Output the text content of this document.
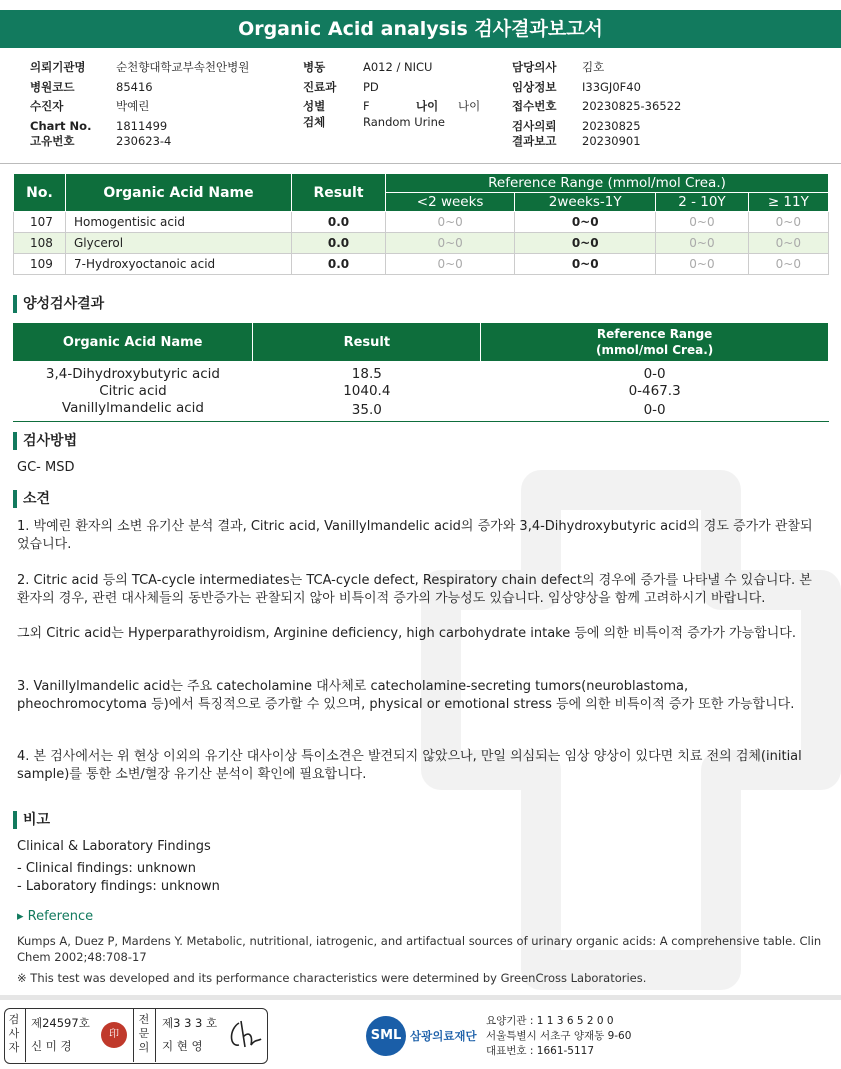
Organic Acid analysis 검사결과보고서
의뢰기관명	순천향대학교부속천안병원
병원코드	85416
수진자	박예린
Chart No. 1811499
고유번호	230623-4
병동	A012 / NICU
진료과 PD
성별	F
검체	Random Urine
나이 나이
담당의사 김호
임상정보 I33GJ0F40
접수번호 20230825-36522
검사의뢰 20230825
결과보고 20230901
No.	Organic Acid Name	Result	Reference Range (mmol/mol Crea.)			
			<2 weeks	2weeks-1Y	2 - 10Y	≥ 11Y
107	Homogentisic acid	0.0	0~0	0~0	0~0	0~0
108	Glycerol	0.0	0~0	0~0	0~0	0~0
109	7-Hydroxyoctanoic acid	0.0	0~0	0~0	0~0	0~0
양성검사결과
Organic Acid Name	Result	Reference Range
(mmol/mol Crea.)
3,4-Dihydroxybutyric acid	18.5	0-0
Citric acid	1040.4	0-467.3
Vanillylmandelic acid	35.0	0-0
검사방법
GC- MSD
소견
1. 박예린 환자의 소변 유기산 분석 결과, Citric acid, Vanillylmandelic acid의 증가와 3,4-Dihydroxybutyric acid의 경도 증가가 관찰되었습니다.
2. Citric acid 등의 TCA-cycle intermediates는 TCA-cycle defect, Respiratory chain defect의 경우에 증가를 나타낼 수 있습니다. 본 환자의 경우, 관련 대사체들의 동반증가는 관찰되지 않아 비특이적 증가의 가능성도 있습니다. 임상양상을 함께 고려하시기 바랍니다.
그외 Citric acid는 Hyperparathyroidism, Arginine deficiency, high carbohydrate intake 등에 의한 비특이적 증가가 가능합니다.
3. Vanillylmandelic acid는 주요 catecholamine 대사체로 catecholamine-secreting tumors(neuroblastoma, pheochromocytoma 등)에서 특징적으로 증가할 수 있으며, physical or emotional stress 등에 의한 비특이적 증가 또한 가능합니다.
4. 본 검사에서는 위 현상 이외의 유기산 대사이상 특이소견은 발견되지 않았으나, 만일 의심되는 임상 양상이 있다면 치료 전의 검체(initial sample)를 통한 소변/혈장 유기산 분석이 확인에 필요합니다.
비고
Clinical & Laboratory Findings
- Clinical findings: unknown
- Laboratory findings: unknown
▸ Reference
Kumps A, Duez P, Mardens Y. Metabolic, nutritional, iatrogenic, and artifactual sources of urinary organic acids: A comprehensive table. Clin Chem 2002;48:708-17
※ This test was developed and its performance characteristics were determined by GreenCross Laboratories.
검사자
제24597호
신 미 경
印
전문의
제3 3 3 호
지 현 영
SML 삼광의료재단
요양기관 : 1 1 3 6 5 2 0 0
서울특별시 서초구 양재동 9-60
대표번호 : 1661-5117
